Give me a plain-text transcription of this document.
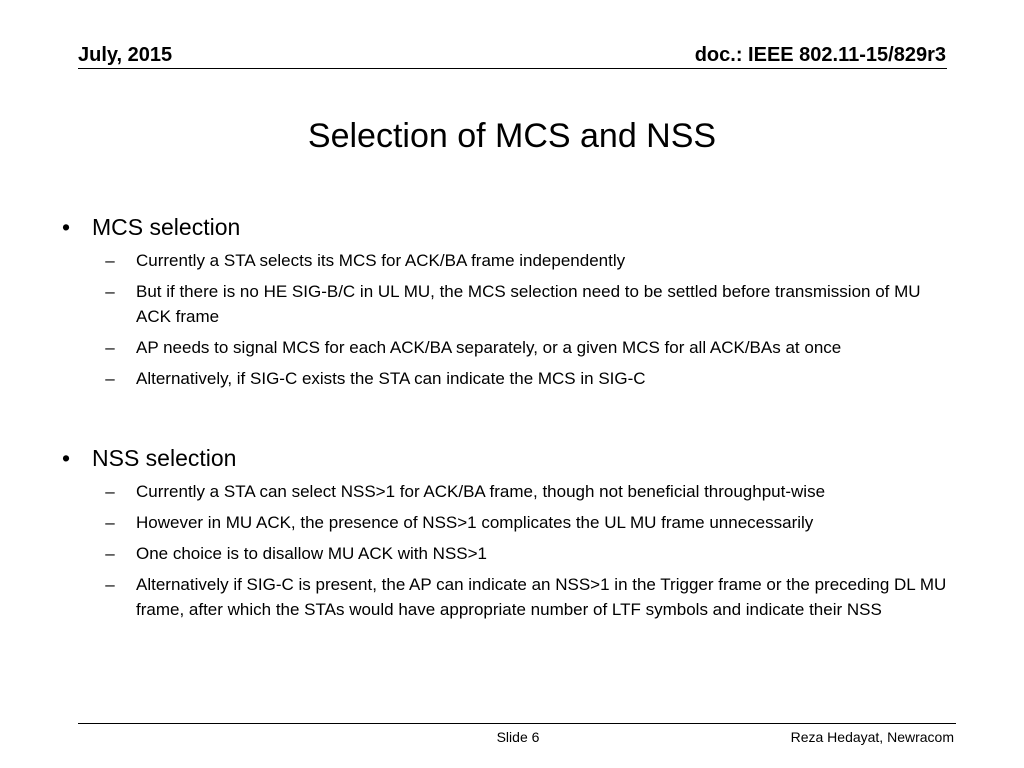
July, 2015	doc.: IEEE 802.11-15/829r3
Selection of MCS and NSS
• MCS selection
–	Currently a STA selects its MCS for ACK/BA frame independently
–	But if there is no HE SIG-B/C in UL MU, the MCS selection need to be settled before transmission of MU ACK frame
–	AP needs to signal MCS for each ACK/BA separately, or a given MCS for all ACK/BAs at once
–	Alternatively, if SIG-C exists the STA can indicate the MCS in SIG-C
• NSS selection
–	Currently a STA can select NSS>1 for ACK/BA frame, though not beneficial throughput-wise
–	However in MU ACK, the presence of NSS>1 complicates the UL MU frame unnecessarily
–	One choice is to disallow MU ACK with NSS>1
–	Alternatively if SIG-C is present, the AP can indicate an NSS>1 in the Trigger frame or the preceding DL MU frame, after which the STAs would have appropriate number of LTF symbols and indicate their NSS
Slide 6	Reza Hedayat, Newracom
